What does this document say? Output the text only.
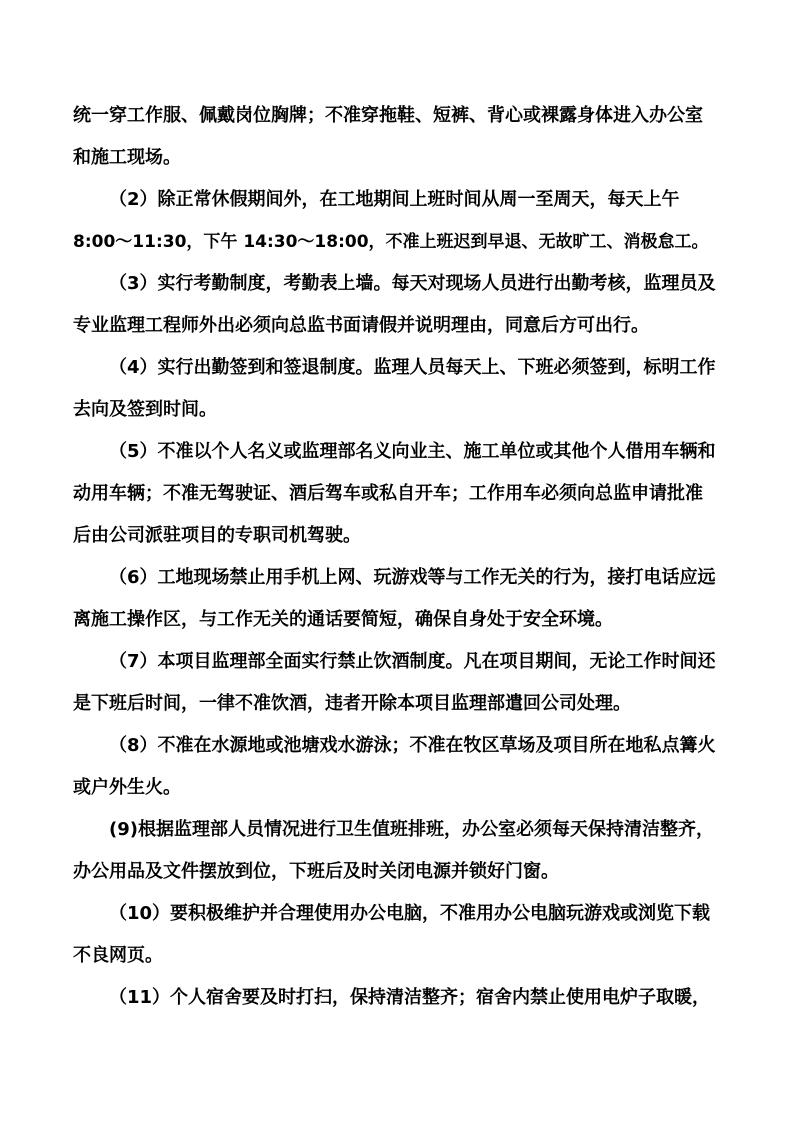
统一穿工作服、佩戴岗位胸牌；不准穿拖鞋、短裤、背心或裸露身体进入办公室
和施工现场。
（2）除正常休假期间外，在工地期间上班时间从周一至周天，每天上午
8:00～11:30，下午 14:30～18:00，不准上班迟到早退、无故旷工、消极怠工。
（3）实行考勤制度，考勤表上墙。每天对现场人员进行出勤考核，监理员及
专业监理工程师外出必须向总监书面请假并说明理由，同意后方可出行。
（4）实行出勤签到和签退制度。监理人员每天上、下班必须签到，标明工作
去向及签到时间。
（5）不准以个人名义或监理部名义向业主、施工单位或其他个人借用车辆和
动用车辆；不准无驾驶证、酒后驾车或私自开车；工作用车必须向总监申请批准
后由公司派驻项目的专职司机驾驶。
（6）工地现场禁止用手机上网、玩游戏等与工作无关的行为，接打电话应远
离施工操作区，与工作无关的通话要简短，确保自身处于安全环境。
（7）本项目监理部全面实行禁止饮酒制度。凡在项目期间，无论工作时间还
是下班后时间，一律不准饮酒，违者开除本项目监理部遣回公司处理。
（8）不准在水源地或池塘戏水游泳；不准在牧区草场及项目所在地私点篝火
或户外生火。
(9)根据监理部人员情况进行卫生值班排班，办公室必须每天保持清洁整齐，
办公用品及文件摆放到位，下班后及时关闭电源并锁好门窗。
（10）要积极维护并合理使用办公电脑，不准用办公电脑玩游戏或浏览下载
不良网页。
（11）个人宿舍要及时打扫，保持清洁整齐；宿舍内禁止使用电炉子取暖，
